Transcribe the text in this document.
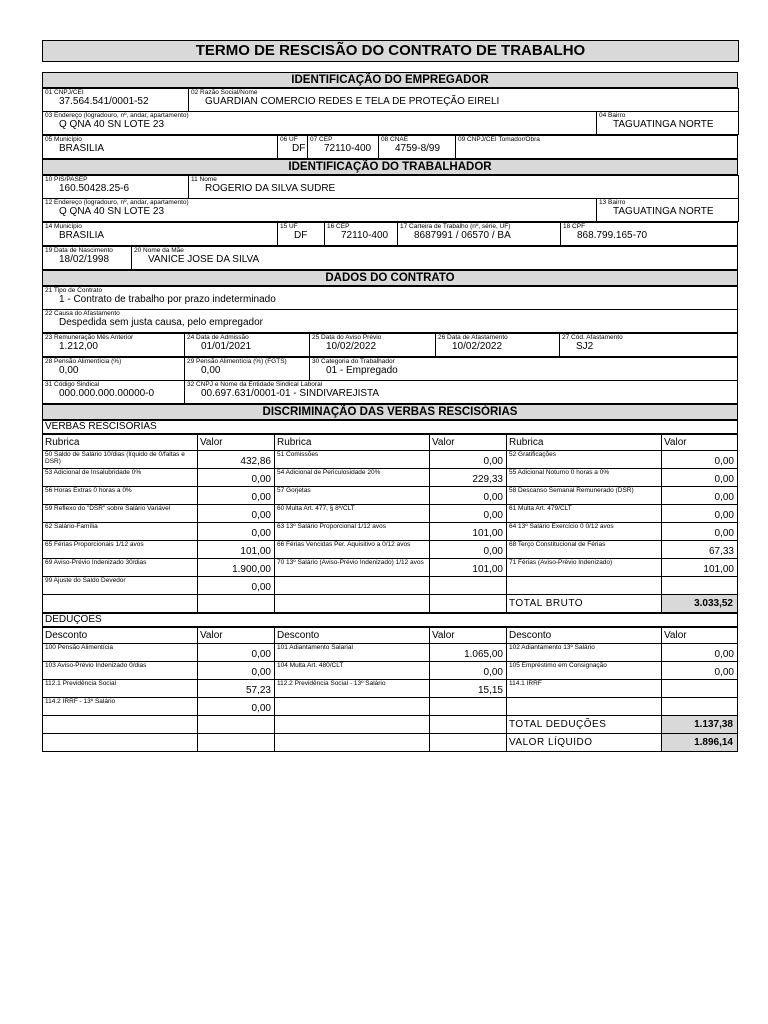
TERMO DE RESCISÃO DO CONTRATO DE TRABALHO
IDENTIFICAÇÃO DO EMPREGADOR
01 CNPJ/CEI
37.564.541/0001-52	02 Razão Social/Nome
GUARDIAN COMERCIO REDES E TELA DE PROTEÇÃO EIRELI	

03 Endereço (logradouro, nº, andar, apartamento)
Q QNA 40 SN LOTE 23		04 Bairro
TAGUATINGA NORTE
05 Município
BRASILIA

06 UF
DF

07 CEP
72110-400

08 CNAE
4759-8/99

09 CNPJ/CEI Tomador/Obra
IDENTIFICAÇÃO DO TRABALHADOR
10 PIS/PASEP
160.50428.25-6	11 Nome
ROGERIO DA SILVA SUDRE	

12 Endereço (logradouro, nº, andar, apartamento)
Q QNA 40 SN LOTE 23		13 Bairro
TAGUATINGA NORTE
14 Município
BRASILIA

15 UF
DF

16 CEP
72110-400

17 Carteira de Trabalho (nº, série, UF)
8687991 / 06570 / BA

18 CPF
868.799.165-70
19 Data de Nascimento
18/02/1998

20 Nome da Mãe
VANICE JOSE DA SILVA
DADOS DO CONTRATO
21 Tipo de Contrato
1 - Contrato de trabalho por prazo indeterminado

22 Causa do Afastamento
Despedida sem justa causa, pelo empregador
23 Remuneração Mês Anterior
1.212,00

24 Data de Admissão
01/01/2021

25 Data do Aviso Prévio
10/02/2022

26 Data de Afastamento
10/02/2022

27 Cód. Afastamento
SJ2
28 Pensão Alimentícia (%)
0,00	29 Pensão Alimentícia (%) (FGTS)
0,00	30 Categoria do Trabalhador
01 - Empregado

31 Código Sindical
000.000.000.00000-0	32 CNPJ e Nome da Entidade Sindical Laboral
00.697.631/0001-01 - SINDIVAREJISTA	
DISCRIMINAÇÃO DAS VERBAS RESCISÓRIAS
VERBAS RESCISÓRIAS
Rubrica	Valor	Rubrica	Valor	Rubrica	Valor
50 Saldo de Salário 10/dias (líquido de 0/faltas e DSR)	432,86	51 Comissões	0,00	52 Gratificações	0,00
53 Adicional de Insalubridade 0%	0,00	54 Adicional de Periculosidade 20%	229,33	55 Adicional Noturno 0 horas a 0%	0,00
56 Horas Extras 0 horas a 0%	0,00	57 Gorjetas	0,00	58 Descanso Semanal Remunerado (DSR)	0,00
59 Reflexo do "DSR" sobre Salário Variável	0,00	60 Multa Art. 477, § 8º/CLT	0,00	61 Multa Art. 479/CLT	0,00
62 Salário-Família	0,00	63 13º Salário Proporcional 1/12 avos	101,00	64 13º Salário Exercício 0 0/12 avos	0,00
65 Férias Proporcionais 1/12 avos	101,00	66 Férias Vencidas Per. Aquisitivo a 0/12 avos	0,00	68 Terço Constitucional de Férias	67,33
69 Aviso-Prévio Indenizado 30/dias	1.900,00	70 13º Salário (Aviso-Prévio Indenizado) 1/12 avos	101,00	71 Férias (Aviso-Prévio Indenizado)	101,00
99 Ajuste do Saldo Devedor	0,00				
				TOTAL BRUTO	3.033,52
DEDUÇÕES
Desconto	Valor	Desconto	Valor	Desconto	Valor
100 Pensão Alimentícia	0,00	101 Adiantamento Salarial	1.065,00	102 Adiantamento 13º Salário	0,00
103 Aviso-Prévio Indenizado 0/dias	0,00	104 Multa Art. 480/CLT	0,00	105 Empréstimo em Consignação	0,00
112.1 Previdência Social	57,23	112.2 Previdência Social - 13º Salário	15,15	114.1 IRRF	
114.2 IRRF - 13º Salário	0,00				
				TOTAL DEDUÇÕES	1.137,38
				VALOR LÍQUIDO	1.896,14
